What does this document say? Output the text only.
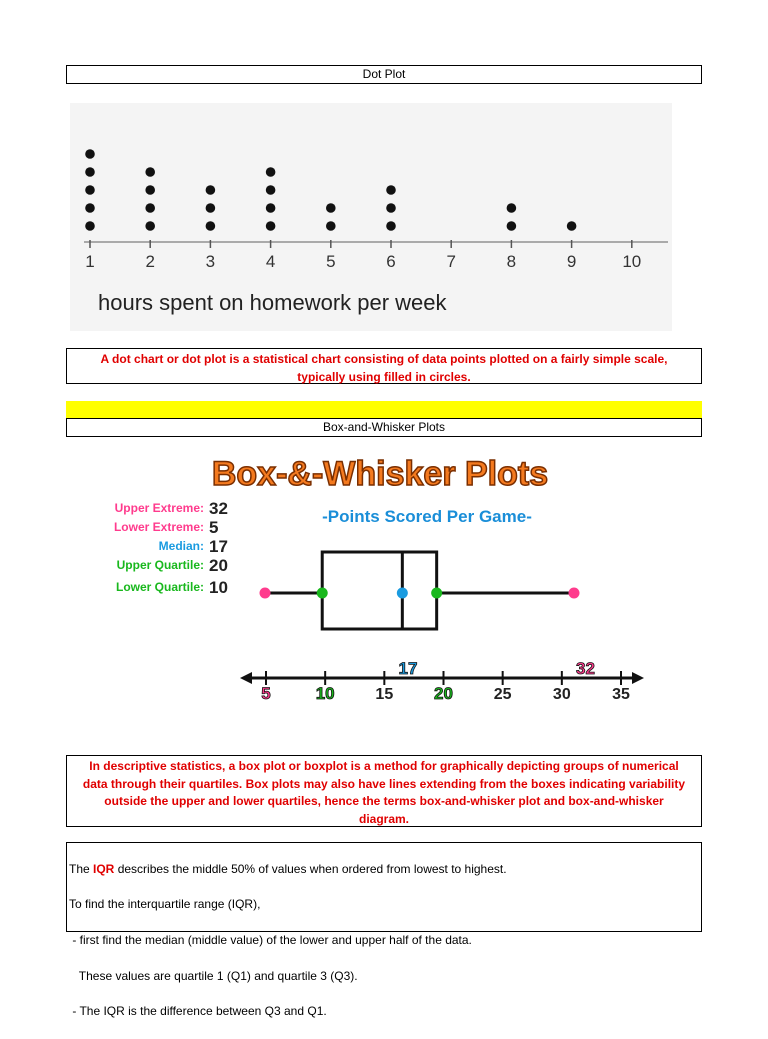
Dot Plot
1	2	3	4	5	6	7	8	9	10
hours spent on homework per week
A dot chart or dot plot is a statistical chart consisting of data points plotted on a fairly simple scale, typically using filled in circles.
Box-and-Whisker Plots
Box-&-Whisker Plots
-Points Scored Per Game-
Upper Extreme: 32
Lower Extreme: 5
Median: 17
Upper Quartile: 20
Lower Quartile: 10
15	25	30	35
5	10
17
20
32
In descriptive statistics, a box plot or boxplot is a method for graphically depicting groups of numerical data through their quartiles. Box plots may also have lines extending from the boxes indicating variability outside the upper and lower quartiles, hence the terms box-and-whisker plot and box-and-whisker diagram.

The IQR describes the middle 50% of values when ordered from lowest to highest.

To find the interquartile range (IQR),

- first find the median (middle value) of the lower and upper half of the data.

These values are quartile 1 (Q1) and quartile 3 (Q3).

- The IQR is the difference between Q3 and Q1.
